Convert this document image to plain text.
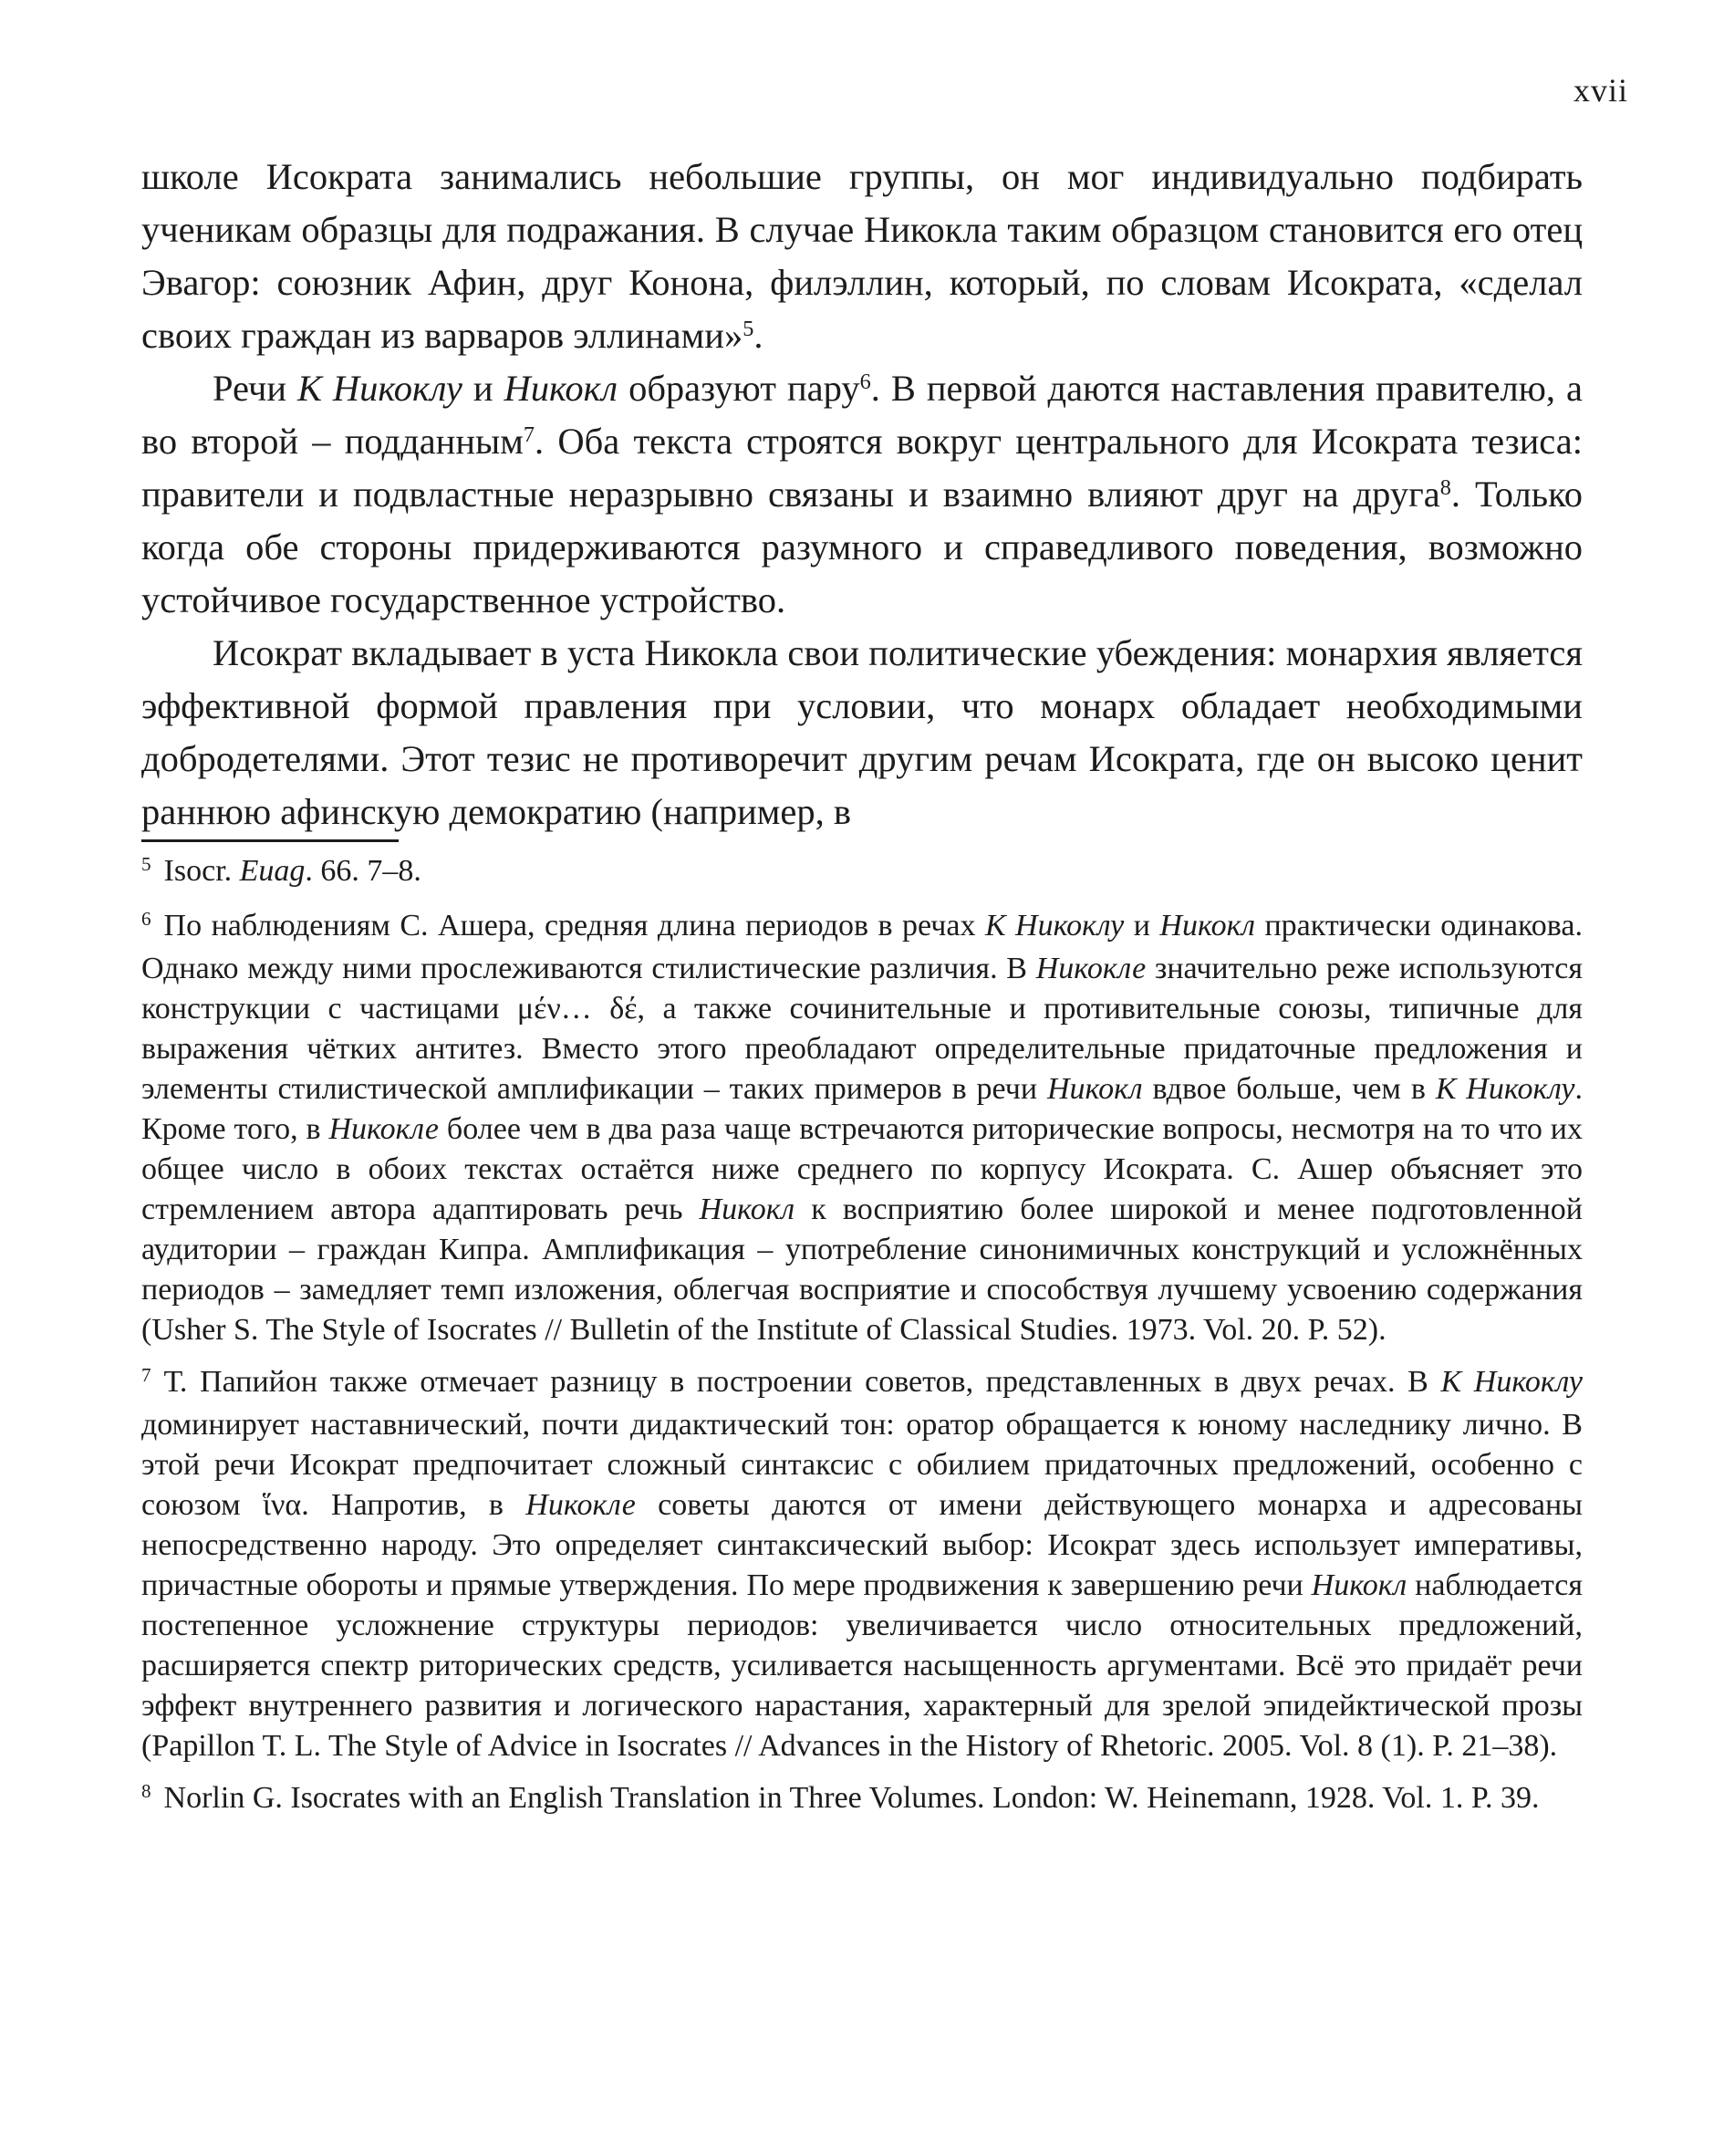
xvii

школе Исократа занимались небольшие группы, он мог индивидуально подбирать ученикам образцы для подражания. В случае Никокла таким образцом становится его отец Эвагор: союзник Афин, друг Конона, филэллин, который, по словам Исократа, «сделал своих граждан из варваров эллинами»$^5$.

Речи К Никоклу и Никокл образуют пару$^6$. В первой даются наставления правителю, а во второй – подданным$^7$. Оба текста строятся вокруг центрального для Исократа тезиса: правители и подвластные неразрывно связаны и взаимно влияют друг на друга$^8$. Только когда обе стороны придерживаются разумного и справедливого поведения, возможно устойчивое государственное устройство.

Исократ вкладывает в уста Никокла свои политические убеждения: монархия является эффективной формой правления при условии, что монарх обладает необходимыми добродетелями. Этот тезис не противоречит другим речам Исократа, где он высоко ценит раннюю афинскую демократию (например, в

$^5$ Isocr. Euag. 66. 7–8.

$^6$ По наблюдениям С. Ашера, средняя длина периодов в речах К Никоклу и Никокл практически одинакова. Однако между ними прослеживаются стилистические различия. В Никокле значительно реже используются конструкции с частицами μέν… δέ, а также сочинительные и противительные союзы, типичные для выражения чётких антитез. Вместо этого преобладают определительные придаточные предложения и элементы стилистической амплификации – таких примеров в речи Никокл вдвое больше, чем в К Никоклу. Кроме того, в Никокле более чем в два раза чаще встречаются риторические вопросы, несмотря на то что их общее число в обоих текстах остаётся ниже среднего по корпусу Исократа. С. Ашер объясняет это стремлением автора адаптировать речь Никокл к восприятию более широкой и менее подготовленной аудитории – граждан Кипра. Амплификация – употребление синонимичных конструкций и усложнённых периодов – замедляет темп изложения, облегчая восприятие и способствуя лучшему усвоению содержания (Usher S. The Style of Isocrates // Bulletin of the Institute of Classical Studies. 1973. Vol. 20. P. 52).

$^7$ Т. Папийон также отмечает разницу в построении советов, представленных в двух речах. В К Никоклу доминирует наставнический, почти дидактический тон: оратор обращается к юному наследнику лично. В этой речи Исократ предпочитает сложный синтаксис с обилием придаточных предложений, особенно с союзом ἵνα. Напротив, в Никокле советы даются от имени действующего монарха и адресованы непосредственно народу. Это определяет синтаксический выбор: Исократ здесь использует императивы, причастные обороты и прямые утверждения. По мере продвижения к завершению речи Никокл наблюдается постепенное усложнение структуры периодов: увеличивается число относительных предложений, расширяется спектр риторических средств, усиливается насыщенность аргументами. Всё это придаёт речи эффект внутреннего развития и логического нарастания, характерный для зрелой эпидейктической прозы (Papillon T. L. The Style of Advice in Isocrates // Advances in the History of Rhetoric. 2005. Vol. 8 (1). P. 21–38).

$^8$ Norlin G. Isocrates with an English Translation in Three Volumes. London: W. Heinemann, 1928. Vol. 1. P. 39.
